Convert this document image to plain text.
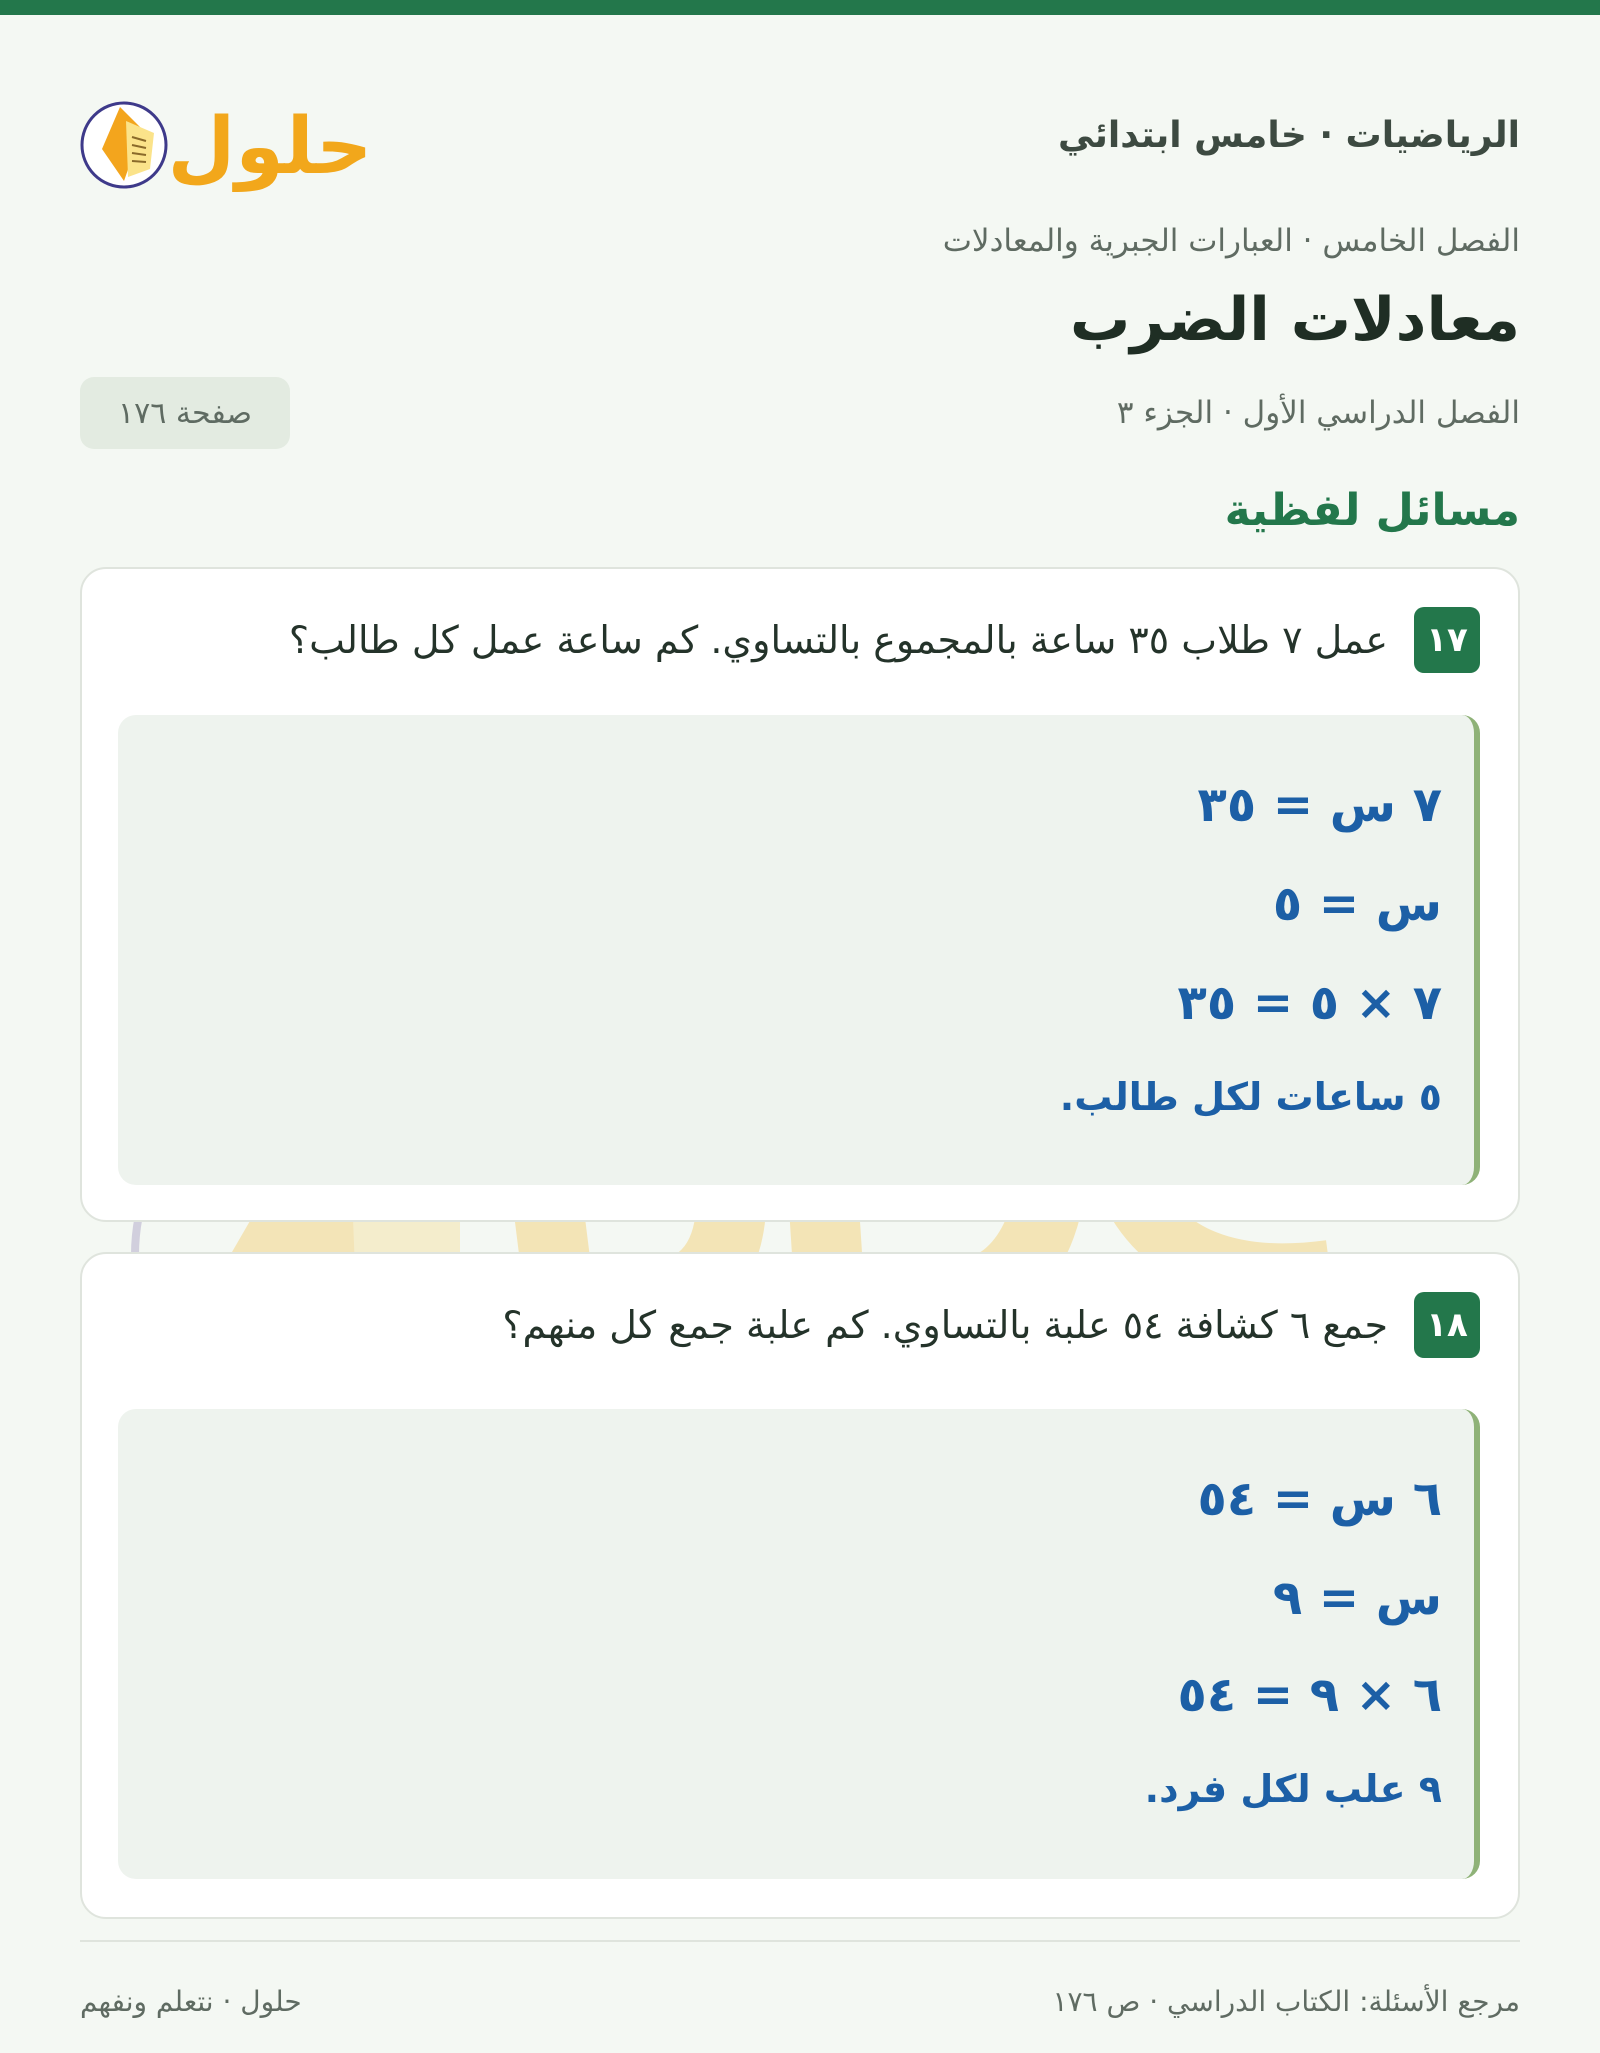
الرياضيات · خامس ابتدائي
حلول
الفصل الخامس · العبارات الجبرية والمعادلات
معادلات الضرب
الفصل الدراسي الأول · الجزء ٣
صفحة ١٧٦
مسائل لفظية
١٧
عمل ٧ طلاب ٣٥ ساعة بالمجموع بالتساوي. كم ساعة عمل كل طالب؟
٧ س = ٣٥
س = ٥
٧ × ٥ = ٣٥
٥ ساعات لكل طالب.
١٨
جمع ٦ كشافة ٥٤ علبة بالتساوي. كم علبة جمع كل منهم؟
٦ س = ٥٤
س = ٩
٦ × ٩ = ٥٤
٩ علب لكل فرد.
مرجع الأسئلة: الكتاب الدراسي · ص ١٧٦
حلول · نتعلم ونفهم
